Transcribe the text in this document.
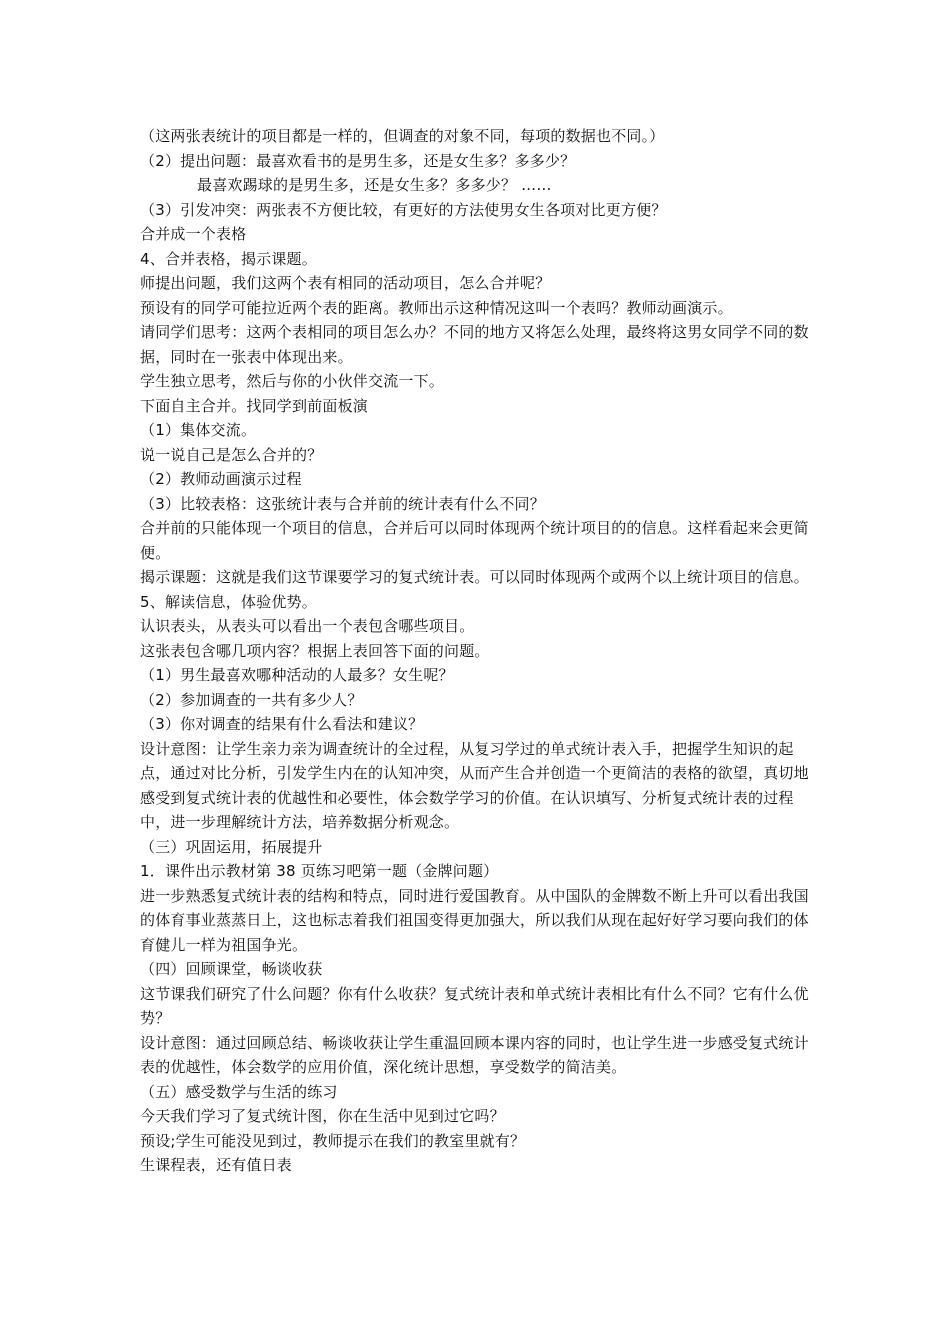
（这两张表统计的项目都是一样的，但调查的对象不同，每项的数据也不同。）

（2）提出问题：最喜欢看书的是男生多，还是女生多？多多少？

最喜欢踢球的是男生多，还是女生多？多多少？ ……

（3）引发冲突：两张表不方便比较，有更好的方法使男女生各项对比更方便？

合并成一个表格

4、合并表格，揭示课题。

师提出问题，我们这两个表有相同的活动项目，怎么合并呢？

预设有的同学可能拉近两个表的距离。教师出示这种情况这叫一个表吗？教师动画演示。

请同学们思考：这两个表相同的项目怎么办？不同的地方又将怎么处理，最终将这男女同学不同的数据，同时在一张表中体现出来。

学生独立思考，然后与你的小伙伴交流一下。

下面自主合并。找同学到前面板演

（1）集体交流。

说一说自己是怎么合并的？

（2）教师动画演示过程

（3）比较表格：这张统计表与合并前的统计表有什么不同？

合并前的只能体现一个项目的信息，合并后可以同时体现两个统计项目的的信息。这样看起来会更简便。

揭示课题：这就是我们这节课要学习的复式统计表。可以同时体现两个或两个以上统计项目的信息。

5、解读信息，体验优势。

认识表头，从表头可以看出一个表包含哪些项目。

这张表包含哪几项内容？根据上表回答下面的问题。

（1）男生最喜欢哪种活动的人最多？女生呢？

（2）参加调查的一共有多少人？

（3）你对调查的结果有什么看法和建议？

设计意图：让学生亲力亲为调查统计的全过程，从复习学过的单式统计表入手，把握学生知识的起点，通过对比分析，引发学生内在的认知冲突，从而产生合并创造一个更简洁的表格的欲望，真切地感受到复式统计表的优越性和必要性，体会数学学习的价值。在认识填写、分析复式统计表的过程中，进一步理解统计方法，培养数据分析观念。

（三）巩固运用，拓展提升

1．课件出示教材第 38 页练习吧第一题（金牌问题）

进一步熟悉复式统计表的结构和特点，同时进行爱国教育。从中国队的金牌数不断上升可以看出我国的体育事业蒸蒸日上，这也标志着我们祖国变得更加强大，所以我们从现在起好好学习要向我们的体育健儿一样为祖国争光。

（四）回顾课堂，畅谈收获

这节课我们研究了什么问题？你有什么收获？复式统计表和单式统计表相比有什么不同？它有什么优势？

设计意图：通过回顾总结、畅谈收获让学生重温回顾本课内容的同时，也让学生进一步感受复式统计表的优越性，体会数学的应用价值，深化统计思想，享受数学的简洁美。

（五）感受数学与生活的练习

今天我们学习了复式统计图，你在生活中见到过它吗？

预设;学生可能没见到过，教师提示在我们的教室里就有？

生课程表，还有值日表
